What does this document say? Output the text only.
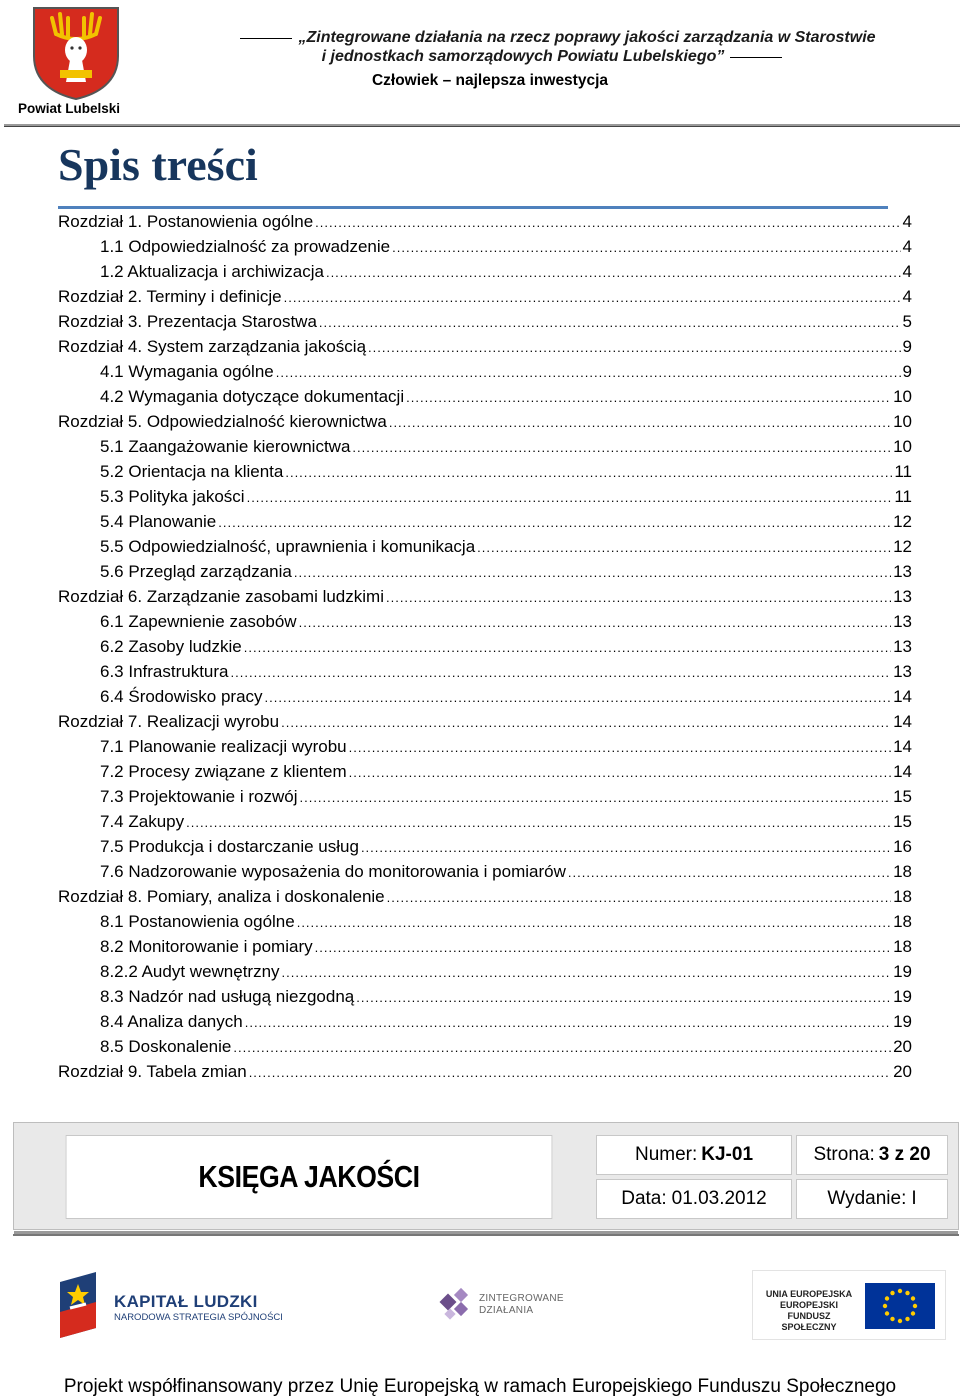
Powiat Lubelski
„Zintegrowane działania na rzecz poprawy jakości zarządzania w Starostwie
i jednostkach samorządowych Powiatu Lubelskiego”
Człowiek – najlepsza inwestycja
Spis treści
Rozdział 1. Postanowienia ogólne .....	4
1.1 Odpowiedzialność za prowadzenie .....	4
1.2 Aktualizacja i archiwizacja .....	4
Rozdział 2. Terminy i definicje .....	4
Rozdział 3. Prezentacja Starostwa .....	5
Rozdział 4. System zarządzania jakością .....	9
4.1 Wymagania ogólne .....	9
4.2 Wymagania dotyczące dokumentacji .....	10
Rozdział 5. Odpowiedzialność kierownictwa .....	10
5.1 Zaangażowanie kierownictwa .....	10
5.2 Orientacja na klienta .....	11
5.3 Polityka jakości .....	11
5.4 Planowanie .....	12
5.5 Odpowiedzialność, uprawnienia i komunikacja .....	12
5.6 Przegląd zarządzania .....	13
Rozdział 6. Zarządzanie zasobami ludzkimi .....	13
6.1 Zapewnienie zasobów .....	13
6.2 Zasoby ludzkie .....	13
6.3 Infrastruktura .....	13
6.4 Środowisko pracy .....	14
Rozdział 7. Realizacji wyrobu .....	14
7.1 Planowanie realizacji wyrobu .....	14
7.2 Procesy związane z klientem .....	14
7.3 Projektowanie i rozwój .....	15
7.4 Zakupy .....	15
7.5 Produkcja i dostarczanie usług .....	16
7.6 Nadzorowanie wyposażenia do monitorowania i pomiarów .....	18
Rozdział 8. Pomiary, analiza i doskonalenie .....	18
8.1 Postanowienia ogólne .....	18
8.2 Monitorowanie i pomiary .....	18
8.2.2 Audyt wewnętrzny .....	19
8.3 Nadzór nad usługą niezgodną .....	19
8.4 Analiza danych .....	19
8.5 Doskonalenie .....	20
Rozdział 9. Tabela zmian .....	20
KSIĘGA JAKOŚCI
Numer: KJ-01	Strona: 3 z 20
Data: 01.03.2012	Wydanie: I
KAPITAŁ LUDZKI
NARODOWA STRATEGIA SPÓJNOŚCI
ZINTEGROWANE
DZIAŁANIA
UNIA EUROPEJSKA
EUROPEJSKI
FUNDUSZ SPOŁECZNY
Projekt współfinansowany przez Unię Europejską w ramach Europejskiego Funduszu Społecznego
